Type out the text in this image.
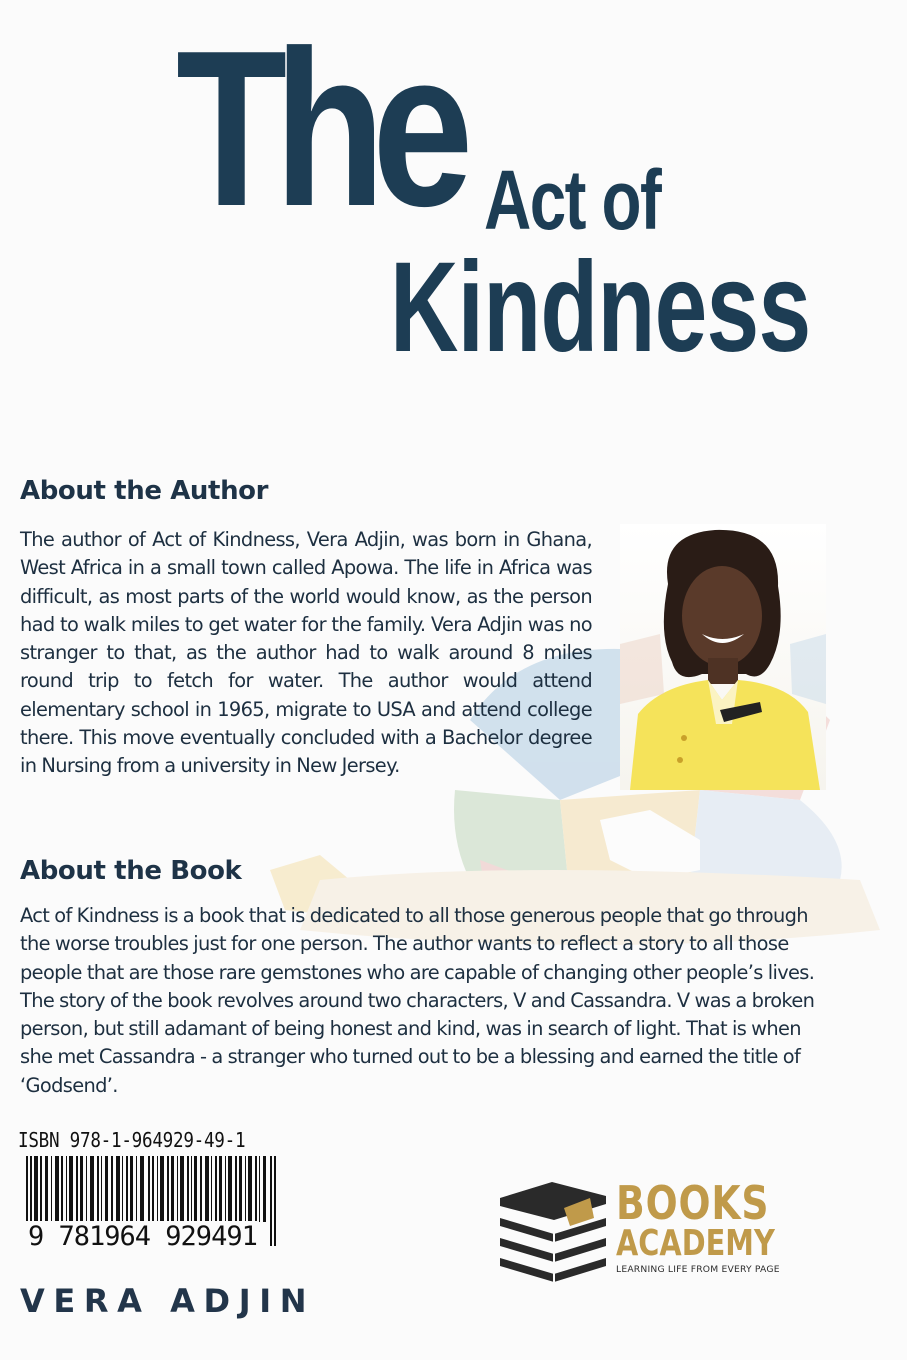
The Act of
Kindness
About the Author
The author of Act of Kindness, Vera Adjin, was born in Ghana, West Africa in a small town called Apowa. The life in Africa was difficult, as most parts of the world would know, as the person had to walk miles to get water for the family. Vera Adjin was no stranger to that, as the author had to walk around 8 miles round trip to fetch for water. The author would attend elementary school in 1965, migrate to USA and attend college there. This move eventually concluded with a Bachelor degree in Nursing from a university in New Jersey.
About the Book
Act of Kindness is a book that is dedicated to all those generous people that go through the worse troubles just for one person. The author wants to reflect a story to all those people that are those rare gemstones who are capable of changing other people’s lives. The story of the book revolves around two characters, V and Cassandra. V was a broken person, but still adamant of being honest and kind, was in search of light. That is when she met Cassandra - a stranger who turned out to be a blessing and earned the title of ‘Godsend’.
ISBN 978-1-964929-49-1
9 781964 929491
VERA ADJIN
BOOKS
ACADEMY
LEARNING LIFE FROM EVERY PAGE
